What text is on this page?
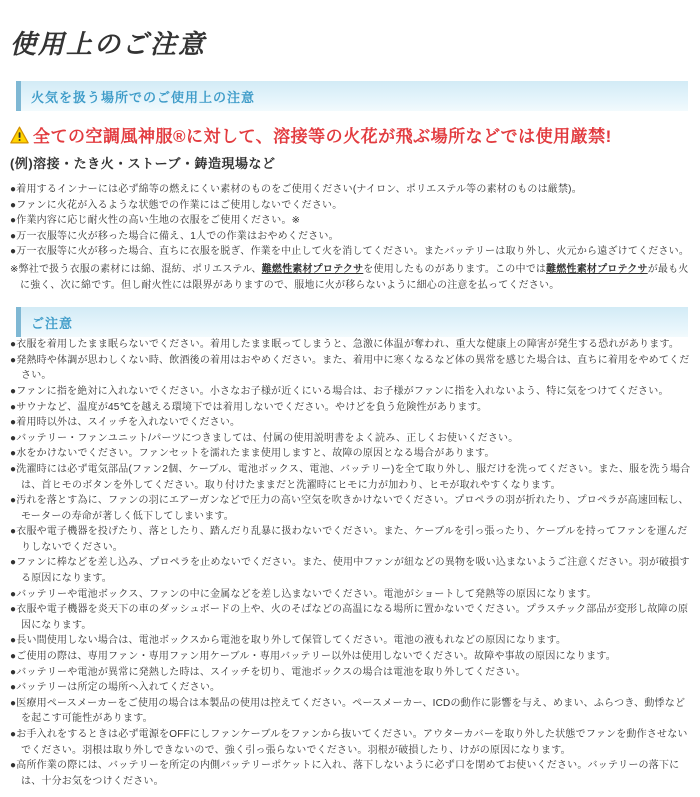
使用上のご注意
火気を扱う場所でのご使用上の注意
全ての空調風神服®に対して、溶接等の火花が飛ぶ場所などでは使用厳禁!
(例)溶接・たき火・ストーブ・鋳造現場など
●着用するインナーには必ず綿等の燃えにくい素材のものをご使用ください(ナイロン、ポリエステル等の素材のものは厳禁)。
●ファンに火花が入るような状態での作業にはご使用しないでください。
●作業内容に応じ耐火性の高い生地の衣服をご使用ください。※
●万一衣服等に火が移った場合に備え、1人での作業はおやめください。
●万一衣服等に火が移った場合、直ちに衣服を脱ぎ、作業を中止して火を消してください。またバッテリーは取り外し、火元から遠ざけてください。

※弊社で扱う衣服の素材には綿、混紡、ポリエステル、難燃性素材プロテクサを使用したものがあります。この中では難燃性素材プロテクサが最も火に強く、次に綿です。但し耐火性には限界がありますので、服地に火が移らないように細心の注意を払ってください。

ご注意
●衣服を着用したまま眠らないでください。着用したまま眠ってしまうと、急激に体温が奪われ、重大な健康上の障害が発生する恐れがあります。
●発熱時や体調が思わしくない時、飲酒後の着用はおやめください。また、着用中に寒くなるなど体の異常を感じた場合は、直ちに着用をやめてください。
●ファンに指を絶対に入れないでください。小さなお子様が近くにいる場合は、お子様がファンに指を入れないよう、特に気をつけてください。
●サウナなど、温度が45℃を越える環境下では着用しないでください。やけどを負う危険性があります。
●着用時以外は、スイッチを入れないでください。
●バッテリー・ファンユニット/パーツにつきましては、付属の使用説明書をよく読み、正しくお使いください。
●水をかけないでください。ファンセットを濡れたまま使用しますと、故障の原因となる場合があります。
●洗濯時には必ず電気部品(ファン2個、ケーブル、電池ボックス、電池、バッテリー)を全て取り外し、服だけを洗ってください。また、服を洗う場合は、首ヒモのボタンを外してください。取り付けたままだと洗濯時にヒモに力が加わり、ヒモが取れやすくなります。
●汚れを落とす為に、ファンの羽にエアーガンなどで圧力の高い空気を吹きかけないでください。プロペラの羽が折れたり、プロペラが高速回転し、モーターの寿命が著しく低下してしまいます。
●衣服や電子機器を投げたり、落としたり、踏んだり乱暴に扱わないでください。また、ケーブルを引っ張ったり、ケーブルを持ってファンを運んだりしないでください。
●ファンに棒などを差し込み、プロペラを止めないでください。また、使用中ファンが紐などの異物を吸い込まないようご注意ください。羽が破損する原因になります。
●バッテリーや電池ボックス、ファンの中に金属などを差し込まないでください。電池がショートして発熱等の原因になります。
●衣服や電子機器を炎天下の車のダッシュボードの上や、火のそばなどの高温になる場所に置かないでください。プラスチック部品が変形し故障の原因になります。
●長い間使用しない場合は、電池ボックスから電池を取り外して保管してください。電池の液もれなどの原因になります。
●ご使用の際は、専用ファン・専用ファン用ケーブル・専用バッテリー以外は使用しないでください。故障や事故の原因になります。
●バッテリーや電池が異常に発熱した時は、スイッチを切り、電池ボックスの場合は電池を取り外してください。
●バッテリーは所定の場所へ入れてください。
●医療用ペースメーカーをご使用の場合は本製品の使用は控えてください。ペースメーカー、ICDの動作に影響を与え、めまい、ふらつき、動悸などを起こす可能性があります。
●お手入れをするときは必ず電源をOFFにしファンケーブルをファンから抜いてください。アウターカバーを取り外した状態でファンを動作させないでください。羽根は取り外しできないので、強く引っ張らないでください。羽根が破損したり、けがの原因になります。
●高所作業の際には、バッテリーを所定の内側バッテリーポケットに入れ、落下しないように必ず口を閉めてお使いください。バッテリーの落下には、十分お気をつけください。
